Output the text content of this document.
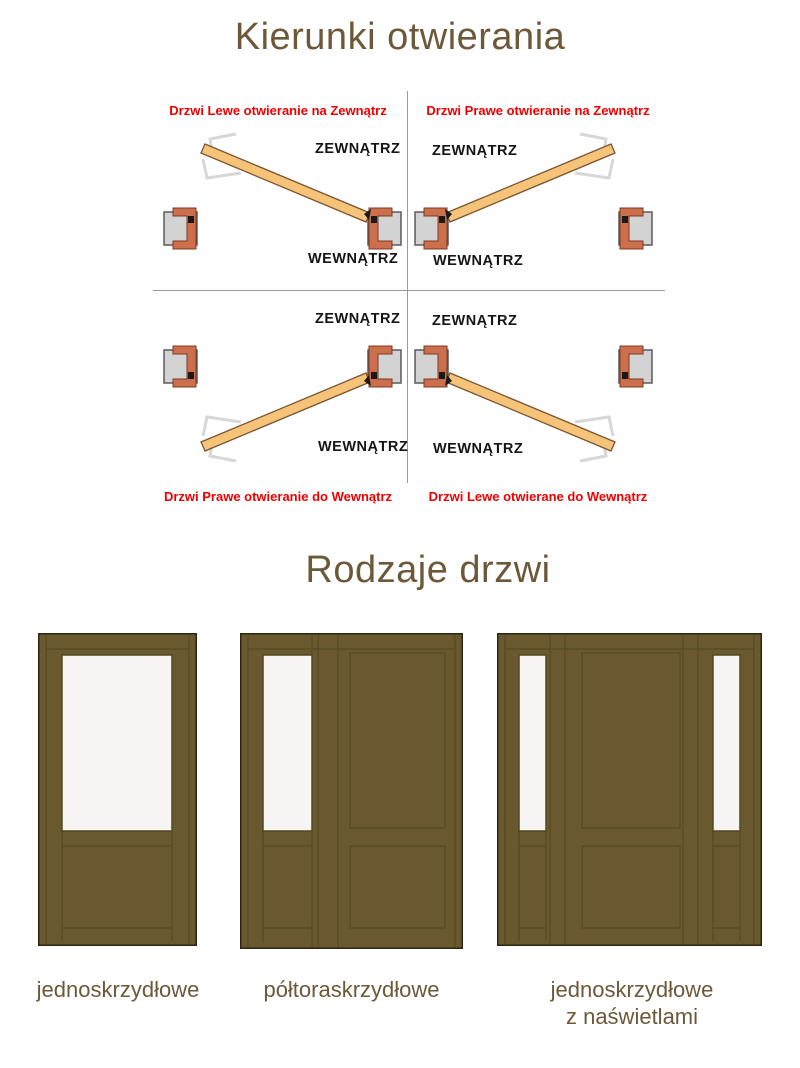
Kierunki otwierania
Drzwi Lewe otwieranie na Zewnątrz
ZEWNĄTRZ
WEWNĄTRZ
Drzwi Prawe otwieranie na Zewnątrz
ZEWNĄTRZ
WEWNĄTRZ
Drzwi Prawe otwieranie do Wewnątrz
ZEWNĄTRZ
WEWNĄTRZ
Drzwi Lewe otwierane do Wewnątrz
ZEWNĄTRZ
WEWNĄTRZ
Rodzaje drzwi
jednoskrzydłowe	półtoraskrzydłowe	jednoskrzydłowe
z naświetlami
